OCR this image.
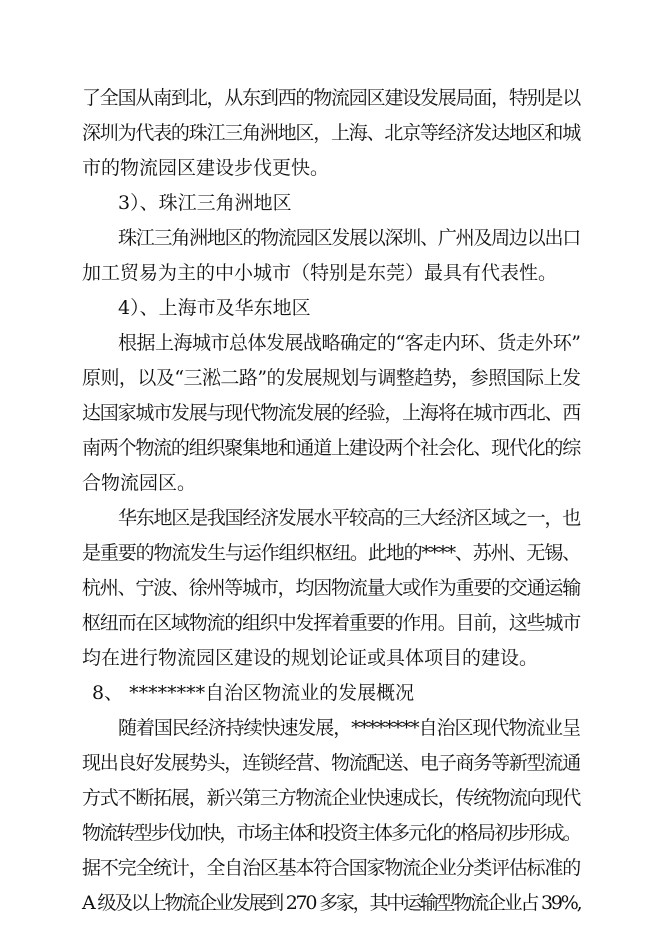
了全国从南到北，从东到西的物流园区建设发展局面，特别是以
深圳为代表的珠江三角洲地区，上海、北京等经济发达地区和城
市的物流园区建设步伐更快。
3）、珠江三角洲地区
珠江三角洲地区的物流园区发展以深圳、广州及周边以出口
加工贸易为主的中小城市（特别是东莞）最具有代表性。
4）、上海市及华东地区
根据上海城市总体发展战略确定的“客走内环、货走外环”
原则，以及“三淞二路”的发展规划与调整趋势，参照国际上发
达国家城市发展与现代物流发展的经验，上海将在城市西北、西
南两个物流的组织聚集地和通道上建设两个社会化、现代化的综
合物流园区。
华东地区是我国经济发展水平较高的三大经济区域之一，也
是重要的物流发生与运作组织枢纽。此地的****、苏州、无锡、
杭州、宁波、徐州等城市，均因物流量大或作为重要的交通运输
枢纽而在区域物流的组织中发挥着重要的作用。目前，这些城市
均在进行物流园区建设的规划论证或具体项目的建设。
8、 ********自治区物流业的发展概况
随着国民经济持续快速发展，********自治区现代物流业呈
现出良好发展势头，连锁经营、物流配送、电子商务等新型流通
方式不断拓展，新兴第三方物流企业快速成长，传统物流向现代
物流转型步伐加快，市场主体和投资主体多元化的格局初步形成。
据不完全统计，全自治区基本符合国家物流企业分类评估标准的
A 级及以上物流企业发展到 270 多家，其中运输型物流企业占 39%,
